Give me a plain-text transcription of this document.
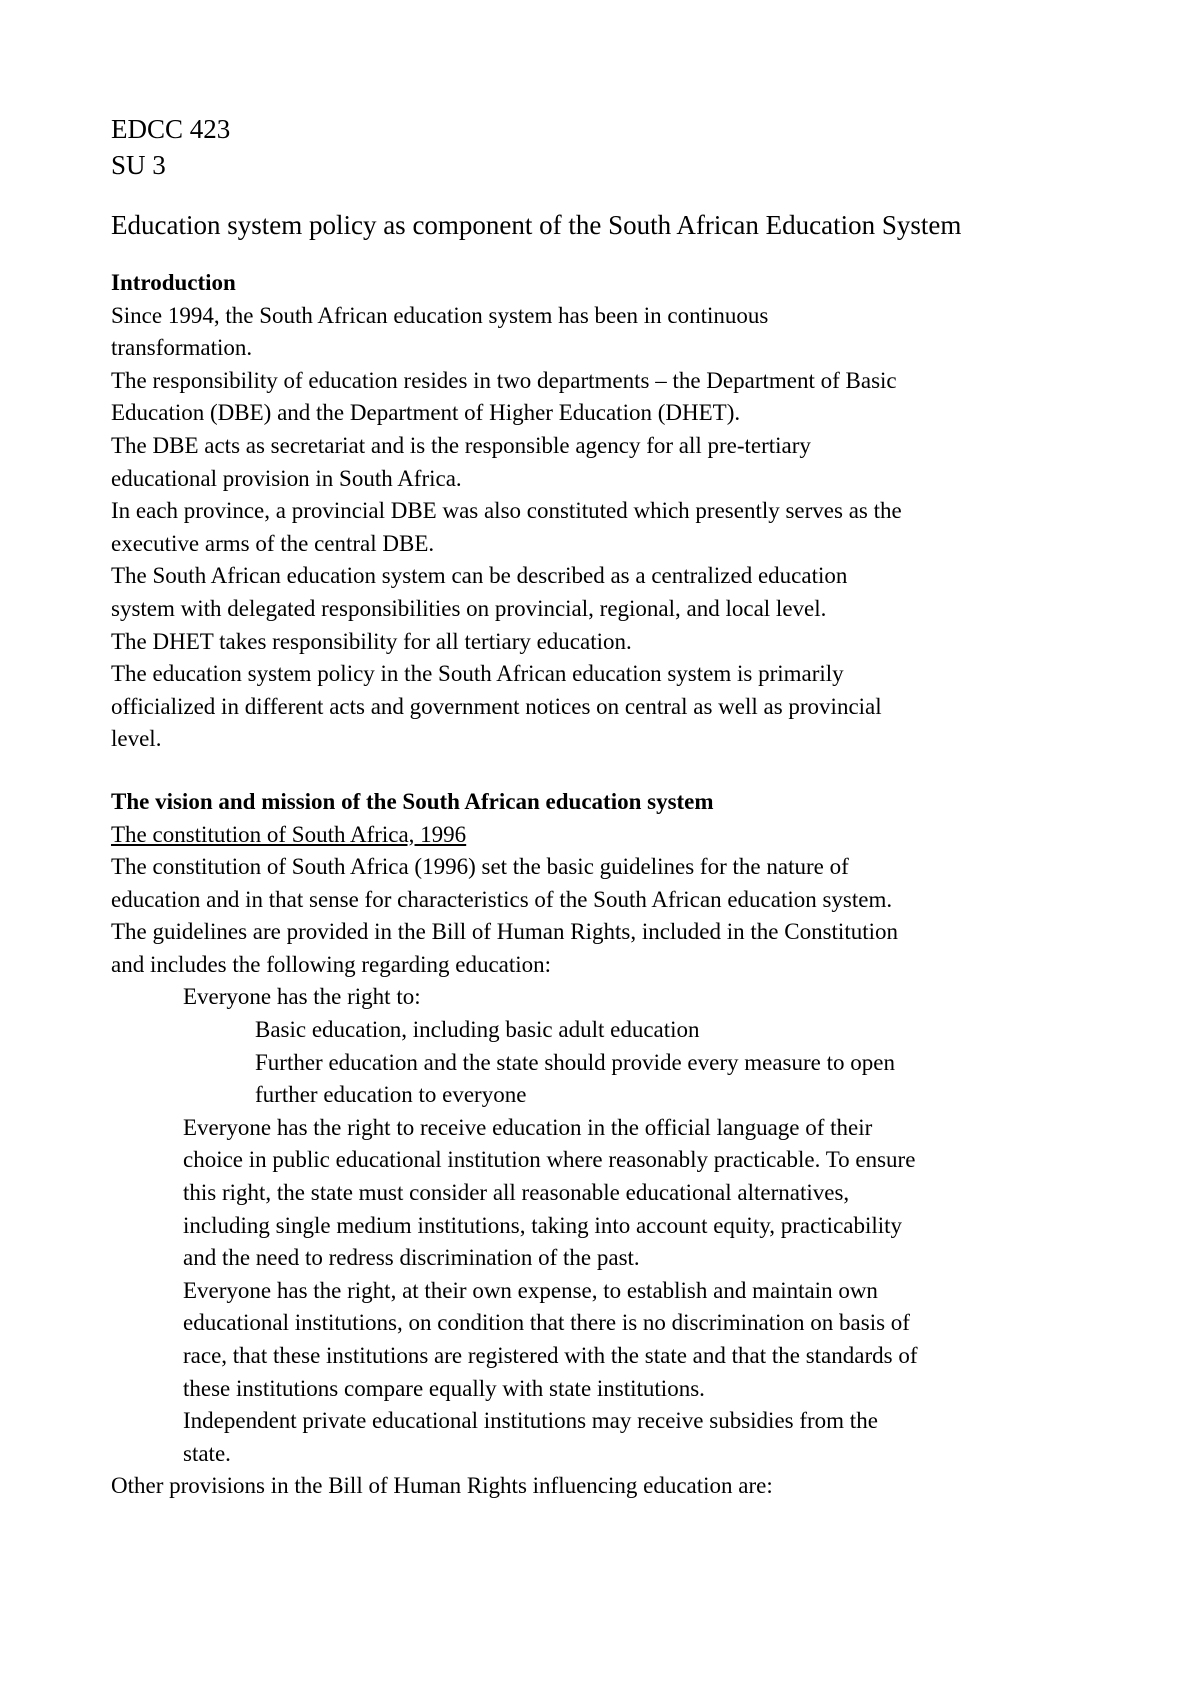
EDCC 423
SU 3
Education system policy as component of the South African Education System
Introduction
Since 1994, the South African education system has been in continuous
transformation.
The responsibility of education resides in two departments – the Department of Basic
Education (DBE) and the Department of Higher Education (DHET).
The DBE acts as secretariat and is the responsible agency for all pre-tertiary
educational provision in South Africa.
In each province, a provincial DBE was also constituted which presently serves as the
executive arms of the central DBE.
The South African education system can be described as a centralized education
system with delegated responsibilities on provincial, regional, and local level.
The DHET takes responsibility for all tertiary education.
The education system policy in the South African education system is primarily
officialized in different acts and government notices on central as well as provincial
level.
The vision and mission of the South African education system
The constitution of South Africa, 1996
The constitution of South Africa (1996) set the basic guidelines for the nature of
education and in that sense for characteristics of the South African education system.
The guidelines are provided in the Bill of Human Rights, included in the Constitution
and includes the following regarding education:
Everyone has the right to:
Basic education, including basic adult education
Further education and the state should provide every measure to open
further education to everyone
Everyone has the right to receive education in the official language of their
choice in public educational institution where reasonably practicable. To ensure
this right, the state must consider all reasonable educational alternatives,
including single medium institutions, taking into account equity, practicability
and the need to redress discrimination of the past.
Everyone has the right, at their own expense, to establish and maintain own
educational institutions, on condition that there is no discrimination on basis of
race, that these institutions are registered with the state and that the standards of
these institutions compare equally with state institutions.
Independent private educational institutions may receive subsidies from the
state.
Other provisions in the Bill of Human Rights influencing education are:
